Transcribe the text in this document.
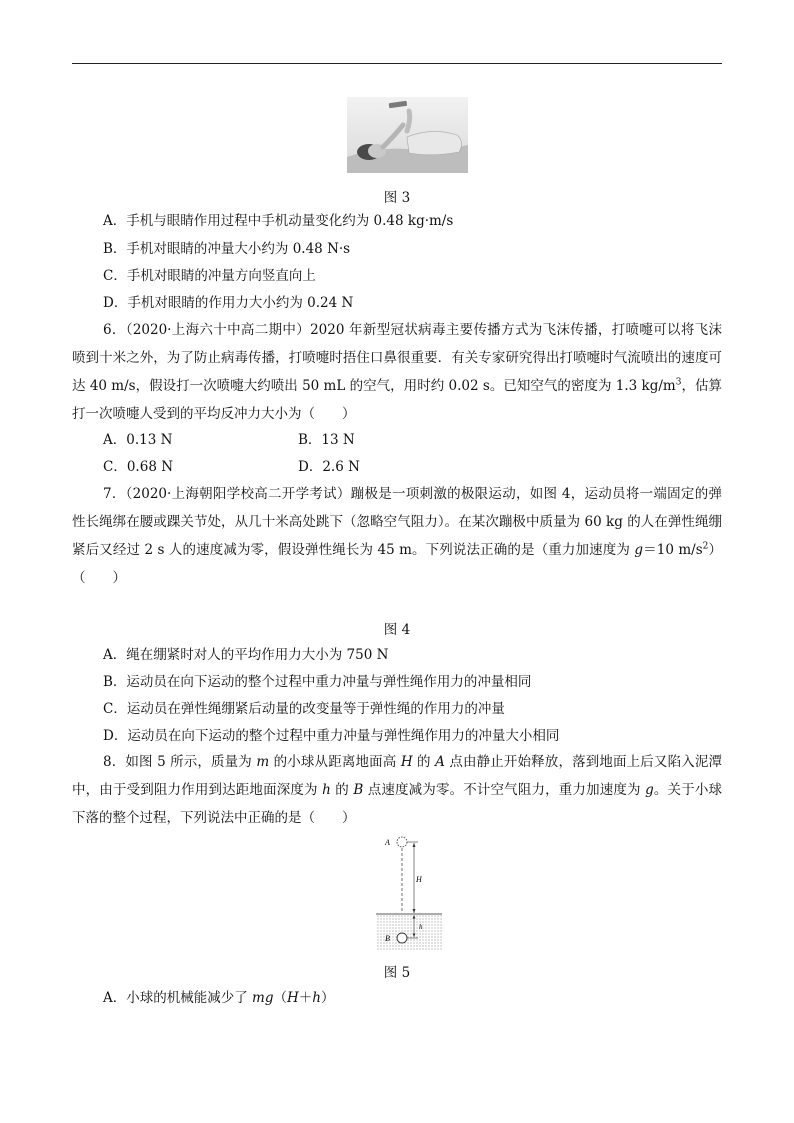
图 3
A．手机与眼睛作用过程中手机动量变化约为 0.48 kg·m/s
B．手机对眼睛的冲量大小约为 0.48 N·s
C．手机对眼睛的冲量方向竖直向上
D．手机对眼睛的作用力大小约为 0.24 N
6．（2020·上海六十中高二期中）2020 年新型冠状病毒主要传播方式为飞沫传播，打喷嚏可以将飞沫喷到十米之外，为了防止病毒传播，打喷嚏时捂住口鼻很重要．有关专家研究得出打喷嚏时气流喷出的速度可达 40 m/s，假设打一次喷嚏大约喷出 50 mL 的空气，用时约 0.02 s。已知空气的密度为 1.3 $kg/m^3$，估算打一次喷嚏人受到的平均反冲力大小为（　　）
A．0.13 N	B．13 N
C．0.68 N	D．2.6 N
7．（2020·上海朝阳学校高二开学考试）蹦极是一项刺激的极限运动，如图 4，运动员将一端固定的弹性长绳绑在腰或踝关节处，从几十米高处跳下（忽略空气阻力）。在某次蹦极中质量为 60 kg 的人在弹性绳绷紧后又经过 2 s 人的速度减为零，假设弹性绳长为 45 m。下列说法正确的是（重力加速度为 g＝10 $m/s^2$）（　　）
图 4
A．绳在绷紧时对人的平均作用力大小为 750 N
B．运动员在向下运动的整个过程中重力冲量与弹性绳作用力的冲量相同
C．运动员在弹性绳绷紧后动量的改变量等于弹性绳的作用力的冲量
D．运动员在向下运动的整个过程中重力冲量与弹性绳作用力的冲量大小相同
8．如图 5 所示，质量为 m 的小球从距离地面高 H 的 A 点由静止开始释放，落到地面上后又陷入泥潭中，由于受到阻力作用到达距地面深度为 h 的 B 点速度减为零。不计空气阻力，重力加速度为 g。关于小球下落的整个过程，下列说法中正确的是（　　）
A
B
H
h
图 5
A．小球的机械能减少了 mg（H＋h）
